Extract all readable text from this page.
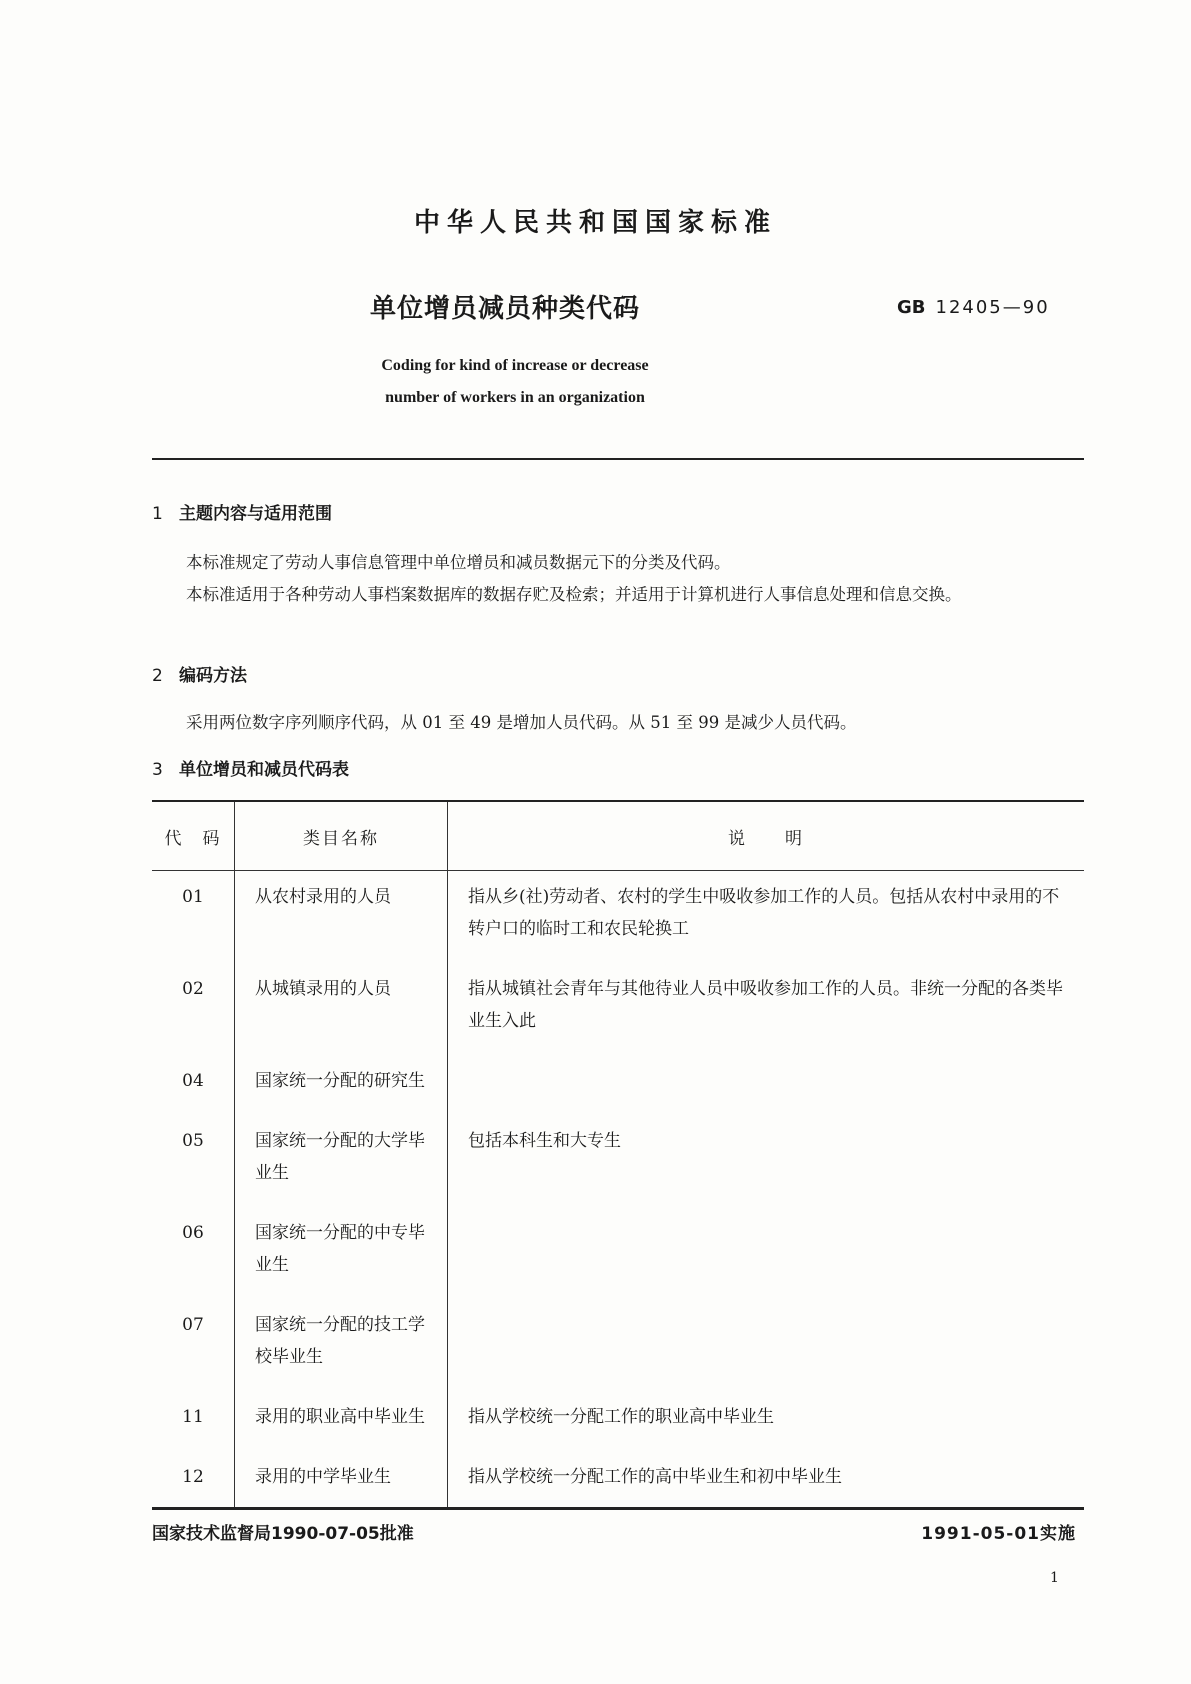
中华人民共和国国家标准
单位增员减员种类代码	GB 12405—90
Coding for kind of increase or decrease
number of workers in an organization
1 主题内容与适用范围
本标准规定了劳动人事信息管理中单位增员和减员数据元下的分类及代码。
本标准适用于各种劳动人事档案数据库的数据存贮及检索；并适用于计算机进行人事信息处理和信息交换。
2 编码方法
采用两位数字序列顺序代码，从 01 至 49 是增加人员代码。从 51 至 99 是减少人员代码。
3 单位增员和减员代码表
代　码	类目名称	说　　明
01	从农村录用的人员	指从乡(社)劳动者、农村的学生中吸收参加工作的人员。包括从农村中录用的不转户口的临时工和农民轮换工
02	从城镇录用的人员	指从城镇社会青年与其他待业人员中吸收参加工作的人员。非统一分配的各类毕业生入此
04	国家统一分配的研究生	
05	国家统一分配的大学毕业生	包括本科生和大专生
06	国家统一分配的中专毕业生	
07	国家统一分配的技工学校毕业生	
11	录用的职业高中毕业生	指从学校统一分配工作的职业高中毕业生
12	录用的中学毕业生	指从学校统一分配工作的高中毕业生和初中毕业生
国家技术监督局1990-07-05批准	1991-05-01实施
1
